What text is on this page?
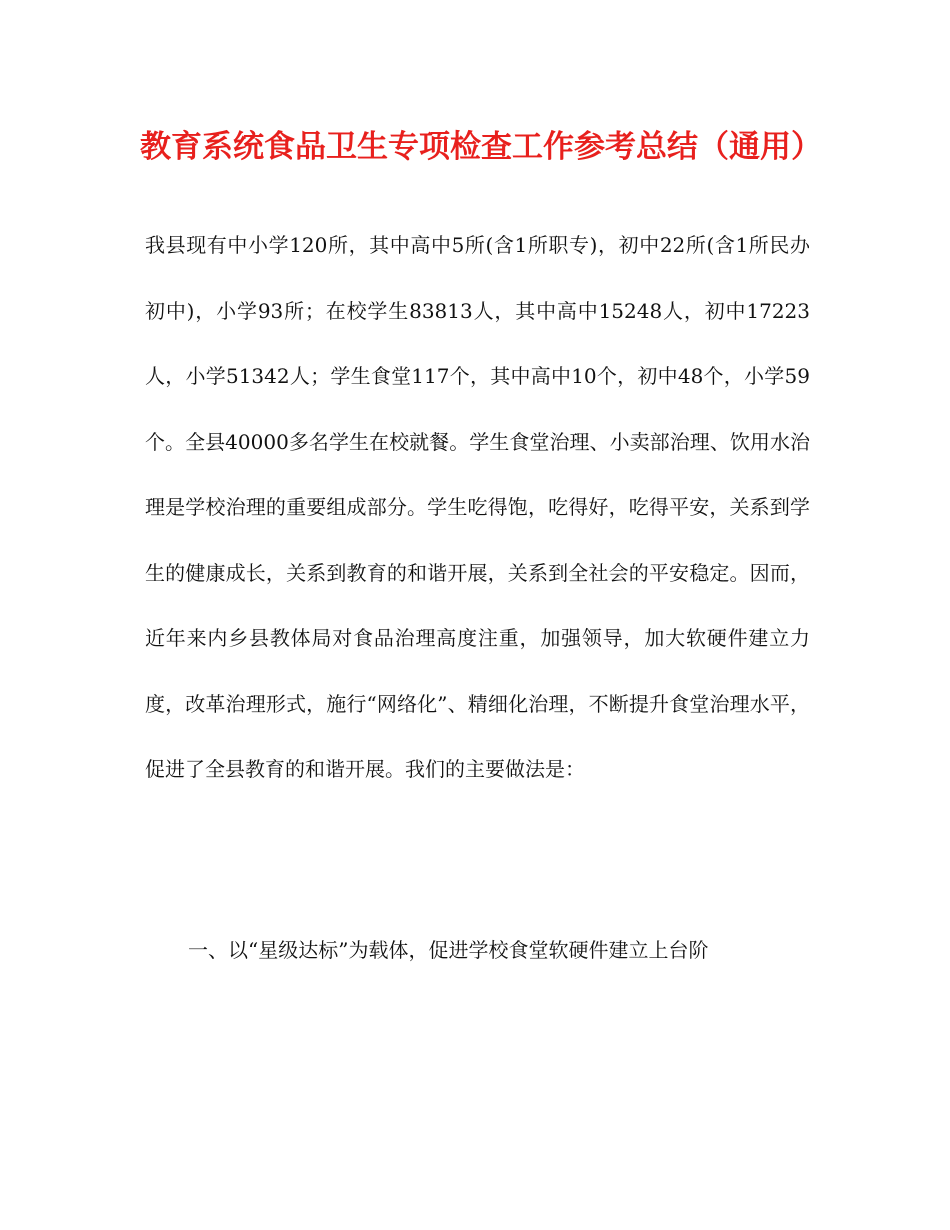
教育系统食品卫生专项检查工作参考总结（通用）

我县现有中小学120所，其中高中5所(含1所职专)，初中22所(含1所民办初中)，小学93所；在校学生83813人，其中高中15248人，初中17223人，小学51342人；学生食堂117个，其中高中10个，初中48个，小学59个。全县40000多名学生在校就餐。学生食堂治理、小卖部治理、饮用水治理是学校治理的重要组成部分。学生吃得饱，吃得好，吃得平安，关系到学生的健康成长，关系到教育的和谐开展，关系到全社会的平安稳定。因而，近年来内乡县教体局对食品治理高度注重，加强领导，加大软硬件建立力度，改革治理形式，施行“网络化”、精细化治理，不断提升食堂治理水平，促进了全县教育的和谐开展。我们的主要做法是：

一、以“星级达标”为载体，促进学校食堂软硬件建立上台阶
